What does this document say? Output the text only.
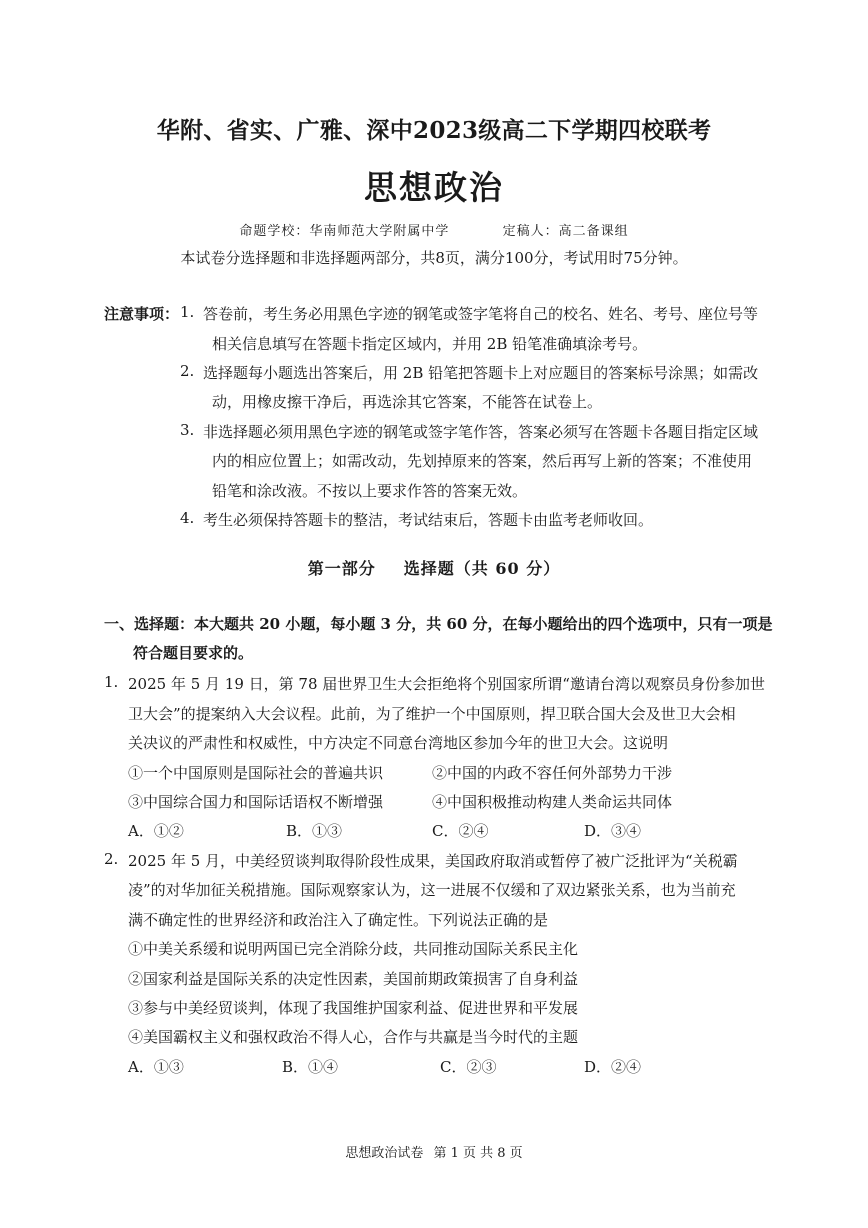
华附、省实、广雅、深中2023级高二下学期四校联考
思想政治
命题学校：华南师范大学附属中学	定稿人：高二备课组
本试卷分选择题和非选择题两部分，共8页，满分100分，考试用时75分钟。
注意事项： 1. 答卷前，考生务必用黑色字迹的钢笔或签字笔将自己的校名、姓名、考号、座位号等
相关信息填写在答题卡指定区域内，并用 2B 铅笔准确填涂考号。
2. 选择题每小题选出答案后，用 2B 铅笔把答题卡上对应题目的答案标号涂黑；如需改
动，用橡皮擦干净后，再选涂其它答案，不能答在试卷上。
3. 非选择题必须用黑色字迹的钢笔或签字笔作答，答案必须写在答题卡各题目指定区域
内的相应位置上；如需改动，先划掉原来的答案，然后再写上新的答案；不准使用
铅笔和涂改液。不按以上要求作答的答案无效。
4. 考生必须保持答题卡的整洁，考试结束后，答题卡由监考老师收回。
第一部分 选择题（共 60 分）
一、选择题：本大题共 20 小题，每小题 3 分，共 60 分，在每小题给出的四个选项中，只有一项是
符合题目要求的。
1. 2025 年 5 月 19 日，第 78 届世界卫生大会拒绝将个别国家所谓“邀请台湾以观察员身份参加世
卫大会”的提案纳入大会议程。此前，为了维护一个中国原则，捍卫联合国大会及世卫大会相
关决议的严肃性和权威性，中方决定不同意台湾地区参加今年的世卫大会。这说明
①一个中国原则是国际社会的普遍共识	②中国的内政不容任何外部势力干涉
③中国综合国力和国际话语权不断增强	④中国积极推动构建人类命运共同体
A．①②	B．①③	C．②④	D．③④
2. 2025 年 5 月，中美经贸谈判取得阶段性成果，美国政府取消或暂停了被广泛批评为“关税霸
凌”的对华加征关税措施。国际观察家认为，这一进展不仅缓和了双边紧张关系，也为当前充
满不确定性的世界经济和政治注入了确定性。下列说法正确的是
①中美关系缓和说明两国已完全消除分歧，共同推动国际关系民主化
②国家利益是国际关系的决定性因素，美国前期政策损害了自身利益
③参与中美经贸谈判，体现了我国维护国家利益、促进世界和平发展
④美国霸权主义和强权政治不得人心，合作与共赢是当今时代的主题
A．①③	B．①④	C．②③	D．②④
思想政治试卷 第 1 页 共 8 页
